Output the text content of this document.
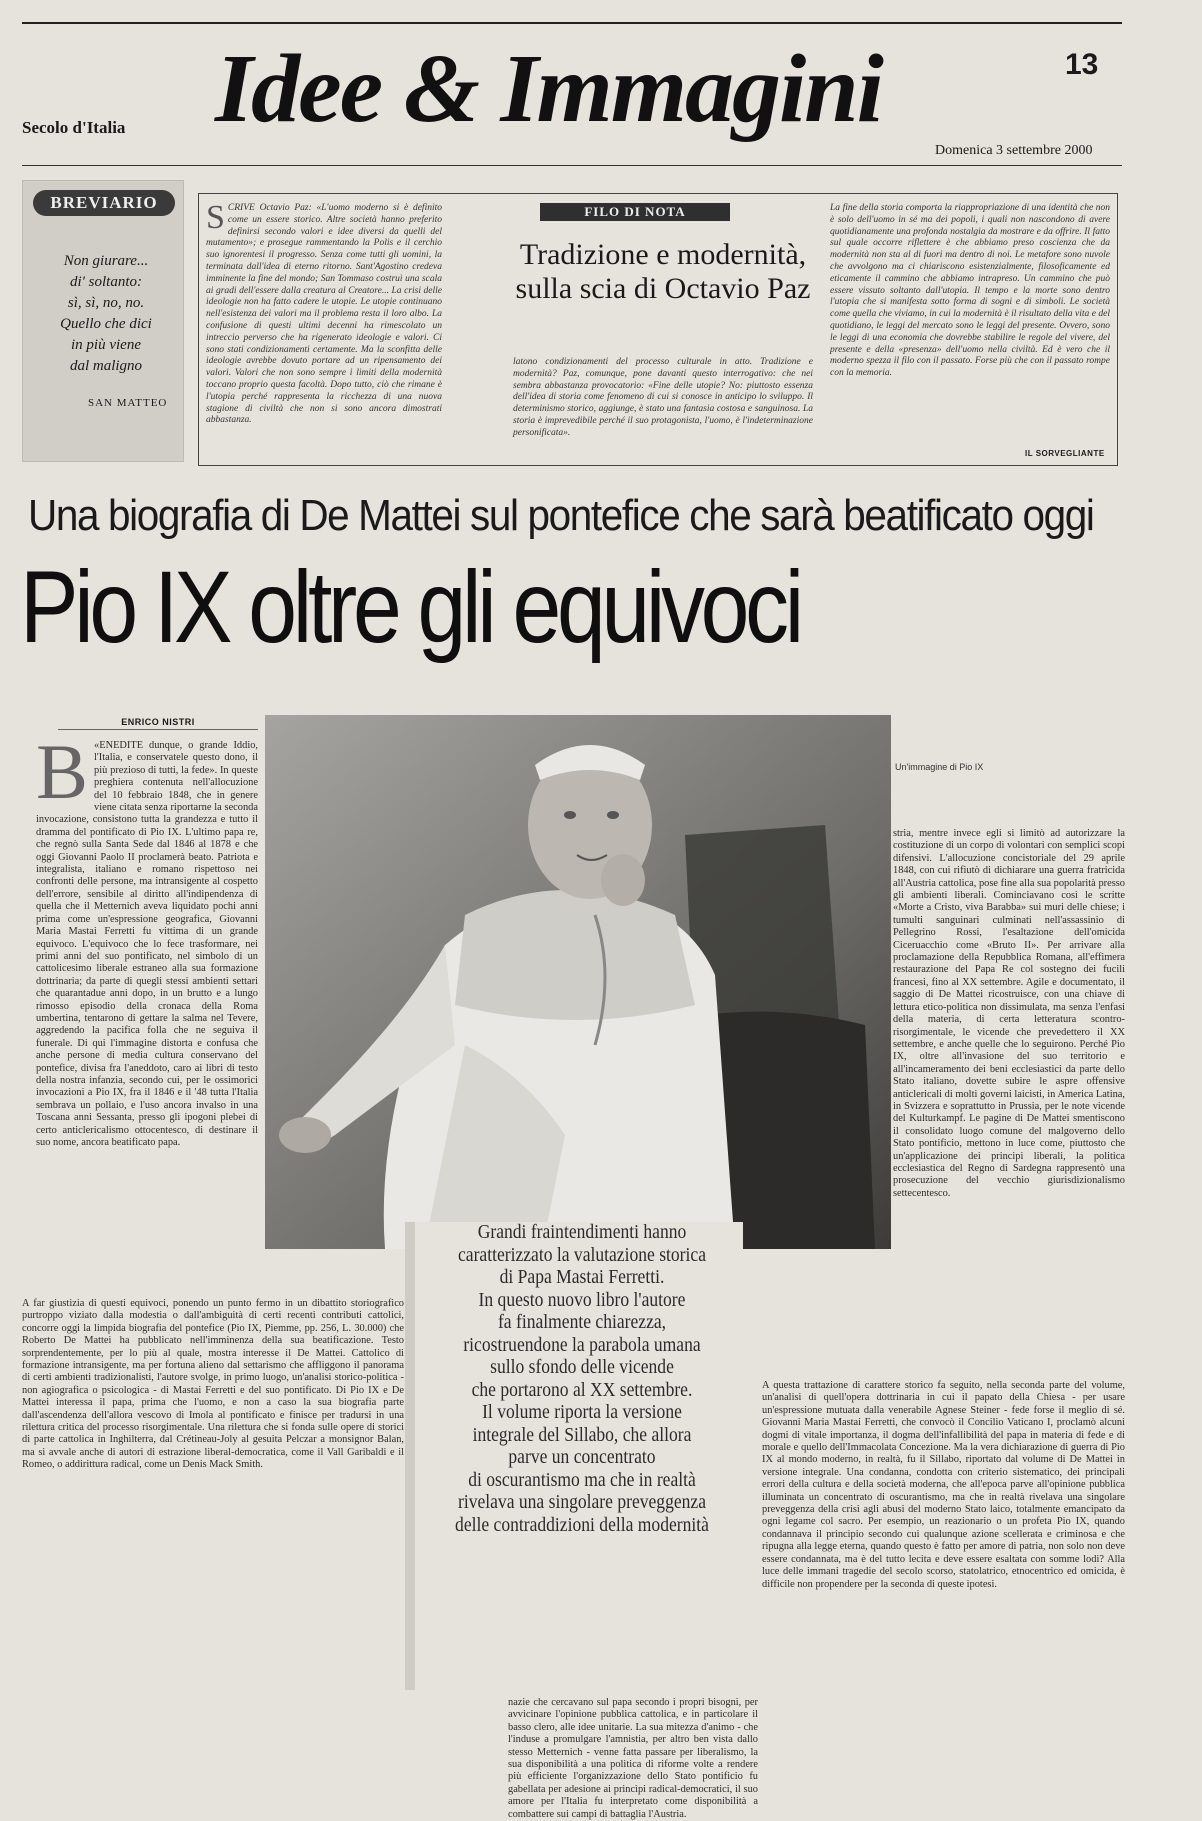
Idee & Immagini	13
Secolo d'Italia
Domenica 3 settembre 2000
BREVIARIO
Non giurare...
di' soltanto:
sì, sì, no, no.
Quello che dici
in più viene
dal maligno
SAN MATTEO
S CRIVE Octavio Paz: «L'uomo moderno si è definito come un essere storico. Altre società hanno preferito definirsi secondo valori e idee diversi da quelli del mutamento»; e prosegue rammentando la Polis e il cerchio suo ignorentesi il progresso. Senza come tutti gli uomini, la terminata dall'idea di eterno ritorno. Sant'Agostino credeva imminente la fine del mondo; San Tommaso costruì una scala ai gradi dell'essere dalla creatura al Creatore... La crisi delle ideologie non ha fatto cadere le utopie. Le utopie continuano nell'esistenza dei valori ma il problema resta il loro albo. La confusione di questi ultimi decenni ha rimescolato un intreccio perverso che ha rigenerato ideologie e valori. Ci sono stati condizionamenti certamente. Ma la sconfitta delle ideologie avrebbe dovuto portare ad un ripensamento dei valori. Valori che non sono sempre i limiti della modernità toccano proprio questa facoltà. Dopo tutto, ciò che rimane è l'utopia perché rappresenta la ricchezza di una nuova stagione di civiltà che non si sono ancora dimostrati abbastanza.
FILO DI NOTA
Tradizione e modernità, sulla scia di Octavio Paz
latono condizionamenti del processo culturale in atto. Tradizione e modernità? Paz, comunque, pone davanti questo interrogativo: che nei sembra abbastanza provocatorio: «Fine delle utopie? No: piuttosto essenza dell'idea di storia come fenomeno di cui si conosce in anticipo lo sviluppo. Il determinismo storico, aggiunge, è stato una fantasia costosa e sanguinosa. La storia è imprevedibile perché il suo protagonista, l'uomo, è l'indeterminazione personificata».
La fine della storia comporta la riappropriazione di una identità che non è solo dell'uomo in sé ma dei popoli, i quali non nascondono di avere quotidianamente una profonda nostalgia da mostrare e da offrire. Il fatto sul quale occorre riflettere è che abbiamo preso coscienza che da modernità non sta al di fuori ma dentro di noi. Le metafore sono nuvole che avvolgono ma ci chiariscono esistenzialmente, filosoficamente ed eticamente il cammino che abbiamo intrapreso. Un cammino che può essere vissuto soltanto dall'utopia. Il tempo e la morte sono dentro l'utopia che si manifesta sotto forma di sogni e di simboli. Le società come quella che viviamo, in cui la modernità è il risultato della vita e del quotidiano, le leggi del mercato sono le leggi del presente. Ovvero, sono le leggi di una economia che dovrebbe stabilire le regole del vivere, del presente e della «presenza» dell'uomo nella civiltà. Ed è vero che il moderno spezza il filo con il passato. Forse più che con il passato rompe con la memoria.
IL SORVEGLIANTE
Una biografia di De Mattei sul pontefice che sarà beatificato oggi
Pio IX oltre gli equivoci
ENRICO NISTRI
B «ENEDITE dunque, o grande Iddio, l'Italia, e conservatele questo dono, il più prezioso di tutti, la fede». In queste preghiera contenuta nell'allocuzione del 10 febbraio 1848, che in genere viene citata senza riportarne la seconda invocazione, consistono tutta la grandezza e tutto il dramma del pontificato di Pio IX. L'ultimo papa re, che regnò sulla Santa Sede dal 1846 al 1878 e che oggi Giovanni Paolo II proclamerà beato. Patriota e integralista, italiano e romano rispettoso nei confronti delle persone, ma intransigente al cospetto dell'errore, sensibile al diritto all'indipendenza di quella che il Metternich aveva liquidato pochi anni prima come un'espressione geografica, Giovanni Maria Mastai Ferretti fu vittima di un grande equivoco. L'equivoco che lo fece trasformare, nei primi anni del suo pontificato, nel simbolo di un cattolicesimo liberale estraneo alla sua formazione dottrinaria; da parte di quegli stessi ambienti settari che quarantadue anni dopo, in un brutto e a lungo rimosso episodio della cronaca della Roma umbertina, tentarono di gettare la salma nel Tevere, aggredendo la pacifica folla che ne seguiva il funerale. Di qui l'immagine distorta e confusa che anche persone di media cultura conservano del pontefice, divisa fra l'aneddoto, caro ai libri di testo della nostra infanzia, secondo cui, per le ossimorici invocazioni a Pio IX, fra il 1846 e il '48 tutta l'Italia sembrava un pollaio, e l'uso ancora invalso in una Toscana anni Sessanta, presso gli ipogoni plebei di certo anticlericalismo ottocentesco, di destinare il suo nome, ancora beatificato papa.
A far giustizia di questi equivoci, ponendo un punto fermo in un dibattito storiografico purtroppo viziato dalla modestia o dall'ambiguità di certi recenti contributi cattolici, concorre oggi la limpida biografia del pontefice (Pio IX, Piemme, pp. 256, L. 30.000) che Roberto De Mattei ha pubblicato nell'imminenza della sua beatificazione. Testo sorprendentemente, per lo più al quale, mostra interesse il De Mattei. Cattolico di formazione intransigente, ma per fortuna alieno dal settarismo che affliggono il panorama di certi ambienti tradizionalisti, l'autore svolge, in primo luogo, un'analisi storico-politica - non agiografica o psicologica - di Mastai Ferretti e del suo pontificato. Di Pio IX e De Mattei interessa il papa, prima che l'uomo, e non a caso la sua biografia parte dall'ascendenza dell'allora vescovo di Imola al pontificato e finisce per tradursi in una rilettura critica del processo risorgimentale. Una rilettura che si fonda sulle opere di storici di parte cattolica in Inghilterra, dal Crétineau-Joly al gesuita Pelczar a monsignor Balan, ma si avvale anche di autori di estrazione liberal-democratica, come il Vall Garibaldi e il Romeo, o addirittura radical, come un Denis Mack Smith.
Un'immagine di Pio IX

Grandi fraintendimenti hanno
caratterizzato la valutazione storica
di Papa Mastai Ferretti.
In questo nuovo libro l'autore
fa finalmente chiarezza,
ricostruendone la parabola umana
sullo sfondo delle vicende
che portarono al XX settembre.
Il volume riporta la versione
integrale del Sillabo, che allora
parve un concentrato
di oscurantismo ma che in realtà
rivelava una singolare preveggenza
delle contraddizioni della modernità

stria, mentre invece egli si limitò ad autorizzare la costituzione di un corpo di volontari con semplici scopi difensivi. L'allocuzione concistoriale del 29 aprile 1848, con cui rifiutò di dichiarare una guerra fratricida all'Austria cattolica, pose fine alla sua popolarità presso gli ambienti liberali. Cominciavano così le scritte «Morte a Cristo, viva Barabba» sui muri delle chiese; i tumulti sanguinari culminati nell'assassinio di Pellegrino Rossi, l'esaltazione dell'omicida Ciceruacchio come «Bruto II». Per arrivare alla proclamazione della Repubblica Romana, all'effimera restaurazione del Papa Re col sostegno dei fucili francesi, fino al XX settembre. Agile e documentato, il saggio di De Mattei ricostruisce, con una chiave di lettura etico-politica non dissimulata, ma senza l'enfasi della materia, di certa letteratura scontro-risorgimentale, le vicende che prevedettero il XX settembre, e anche quelle che lo seguirono. Perché Pio IX, oltre all'invasione del suo territorio e all'incameramento dei beni ecclesiastici da parte dello Stato italiano, dovette subire le aspre offensive anticlericali di molti governi laicisti, in America Latina, in Svizzera e soprattutto in Prussia, per le note vicende del Kulturkampf. Le pagine di De Mattei smentiscono il consolidato luogo comune del malgoverno dello Stato pontificio, mettono in luce come, piuttosto che un'applicazione dei principi liberali, la politica ecclesiastica del Regno di Sardegna rappresentò una prosecuzione del vecchio giurisdizionalismo settecentesco.
A questa trattazione di carattere storico fa seguito, nella seconda parte del volume, un'analisi di quell'opera dottrinaria in cui il papato della Chiesa - per usare un'espressione mutuata dalla venerabile Agnese Steiner - fede forse il meglio di sé. Giovanni Maria Mastai Ferretti, che convocò il Concilio Vaticano I, proclamò alcuni dogmi di vitale importanza, il dogma dell'infallibilità del papa in materia di fede e di morale e quello dell'Immacolata Concezione. Ma la vera dichiarazione di guerra di Pio IX al mondo moderno, in realtà, fu il Sillabo, riportato dal volume di De Mattei in versione integrale. Una condanna, condotta con criterio sistematico, dei principali errori della cultura e della società moderna, che all'epoca parve all'opinione pubblica illuminata un concentrato di oscurantismo, ma che in realtà rivelava una singolare preveggenza della crisi agli abusi del moderno Stato laico, totalmente emancipato da ogni legame col sacro. Per esempio, un reazionario o un profeta Pio IX, quando condannava il principio secondo cui qualunque azione scellerata e criminosa e che ripugna alla legge eterna, quando questo è fatto per amore di patria, non solo non deve essere condannata, ma è del tutto lecita e deve essere esaltata con somme lodi? Alla luce delle immani tragedie del secolo scorso, statolatrico, etnocentrico ed omicida, è difficile non propendere per la seconda di queste ipotesi.
nazie che cercavano sul papa secondo i propri bisogni, per avvicinare l'opinione pubblica cattolica, e in particolare il basso clero, alle idee unitarie. La sua mitezza d'animo - che l'induse a promulgare l'amnistia, per altro ben vista dallo stesso Metternich - venne fatta passare per liberalismo, la sua disponibilità a una politica di riforme volte a rendere più efficiente l'organizzazione dello Stato pontificio fu gabellata per adesione ai princìpi radical-democratici, il suo amore per l'Italia fu interpretato come disponibilità a combattere sui campi di battaglia l'Austria.
